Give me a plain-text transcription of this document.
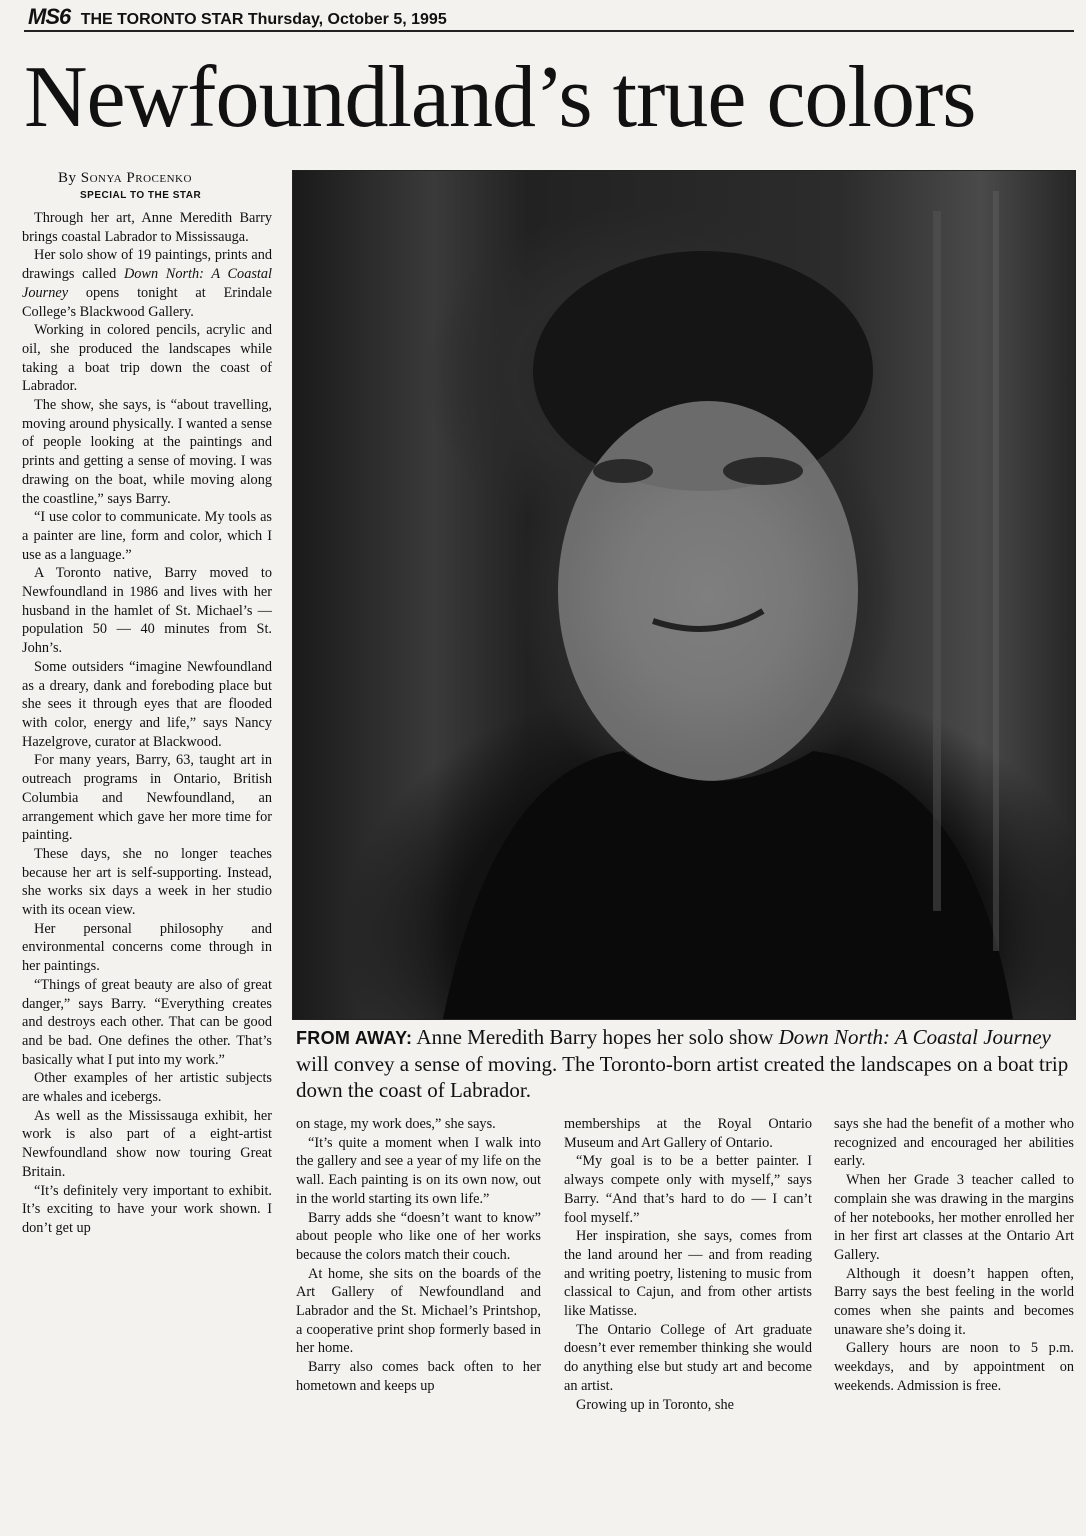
MS6 THE TORONTO STAR Thursday, October 5, 1995
Newfoundland’s true colors
By Sonya Procenko
SPECIAL TO THE STAR

Through her art, Anne Meredith Barry brings coastal Labrador to Mississauga.

Her solo show of 19 paintings, prints and drawings called Down North: A Coastal Journey opens tonight at Erindale College’s Blackwood Gallery.

Working in colored pencils, acrylic and oil, she produced the landscapes while taking a boat trip down the coast of Labrador.

The show, she says, is “about travelling, moving around physically. I wanted a sense of people looking at the paintings and prints and getting a sense of moving. I was drawing on the boat, while moving along the coastline,” says Barry.

“I use color to communicate. My tools as a painter are line, form and color, which I use as a language.”

A Toronto native, Barry moved to Newfoundland in 1986 and lives with her husband in the hamlet of St. Michael’s — population 50 — 40 minutes from St. John’s.

Some outsiders “imagine Newfoundland as a dreary, dank and foreboding place but she sees it through eyes that are flooded with color, energy and life,” says Nancy Hazelgrove, curator at Blackwood.

For many years, Barry, 63, taught art in outreach programs in Ontario, British Columbia and Newfoundland, an arrangement which gave her more time for painting.

These days, she no longer teaches because her art is self-supporting. Instead, she works six days a week in her studio with its ocean view.

Her personal philosophy and environmental concerns come through in her paintings.

“Things of great beauty are also of great danger,” says Barry. “Everything creates and destroys each other. That can be good and be bad. One defines the other. That’s basically what I put into my work.”

Other examples of her artistic subjects are whales and icebergs.

As well as the Mississauga exhibit, her work is also part of a eight-artist Newfoundland show now touring Great Britain.

“It’s definitely very important to exhibit. It’s exciting to have your work shown. I don’t get up

FROM AWAY: Anne Meredith Barry hopes her solo show Down North: A Coastal Journey will convey a sense of moving. The Toronto-born artist created the landscapes on a boat trip down the coast of Labrador.

on stage, my work does,” she says.

“It’s quite a moment when I walk into the gallery and see a year of my life on the wall. Each painting is on its own now, out in the world starting its own life.”

Barry adds she “doesn’t want to know” about people who like one of her works because the colors match their couch.

At home, she sits on the boards of the Art Gallery of Newfoundland and Labrador and the St. Michael’s Printshop, a cooperative print shop formerly based in her home.

Barry also comes back often to her hometown and keeps up

memberships at the Royal Ontario Museum and Art Gallery of Ontario.

“My goal is to be a better painter. I always compete only with myself,” says Barry. “And that’s hard to do — I can’t fool myself.”

Her inspiration, she says, comes from the land around her — and from reading and writing poetry, listening to music from classical to Cajun, and from other artists like Matisse.

The Ontario College of Art graduate doesn’t ever remember thinking she would do anything else but study art and become an artist.

Growing up in Toronto, she

says she had the benefit of a mother who recognized and encouraged her abilities early.

When her Grade 3 teacher called to complain she was drawing in the margins of her notebooks, her mother enrolled her in her first art classes at the Ontario Art Gallery.

Although it doesn’t happen often, Barry says the best feeling in the world comes when she paints and becomes unaware she’s doing it.

Gallery hours are noon to 5 p.m. weekdays, and by appointment on weekends. Admission is free.
